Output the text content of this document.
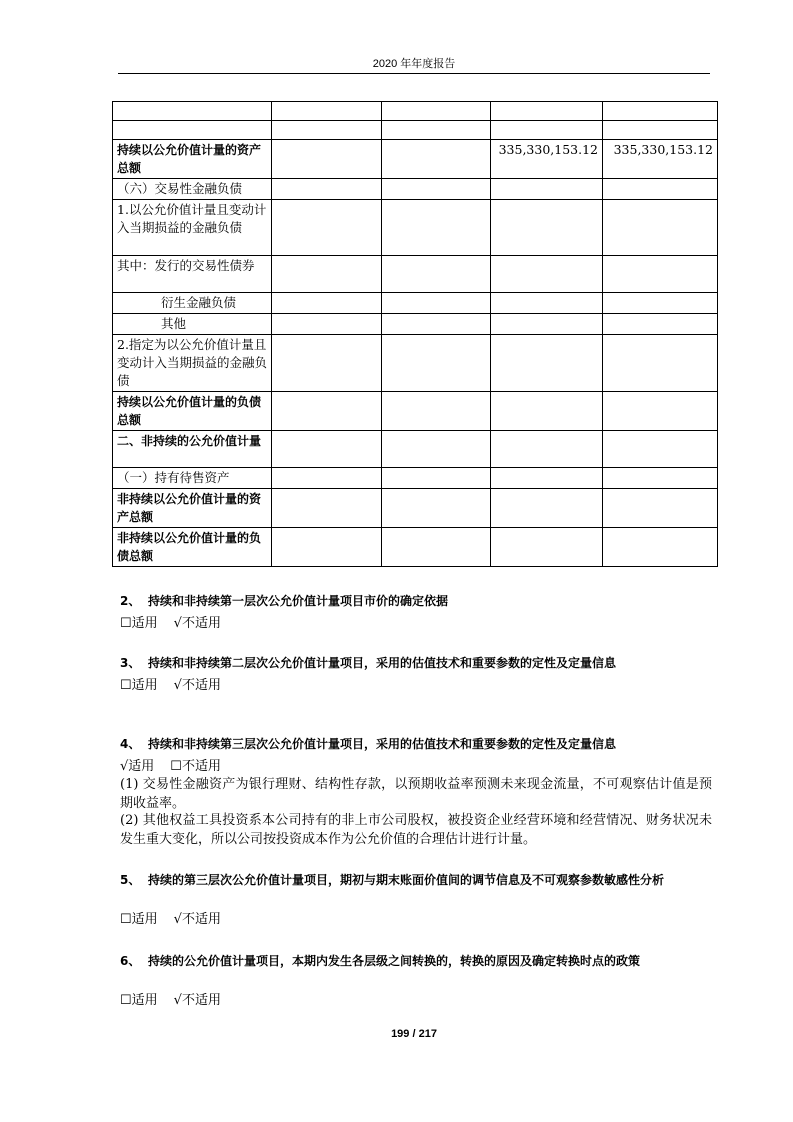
2020 年年度报告

持续以公允价值计量的资产总额			335,330,153.12	335,330,153.12
（六）交易性金融负债				
1.以公允价值计量且变动计入当期损益的金融负债				
其中：发行的交易性债券				
衍生金融负债				
其他				
2.指定为以公允价值计量且变动计入当期损益的金融负债				
持续以公允价值计量的负债总额				
二、非持续的公允价值计量				
（一）持有待售资产				
非持续以公允价值计量的资产总额				
非持续以公允价值计量的负债总额				
2、 持续和非持续第一层次公允价值计量项目市价的确定依据
☐适用 √不适用
3、 持续和非持续第二层次公允价值计量项目，采用的估值技术和重要参数的定性及定量信息
☐适用 √不适用
4、 持续和非持续第三层次公允价值计量项目，采用的估值技术和重要参数的定性及定量信息
√适用 ☐不适用
(1) 交易性金融资产为银行理财、结构性存款，以预期收益率预测未来现金流量，不可观察估计值是预期收益率。
(2) 其他权益工具投资系本公司持有的非上市公司股权，被投资企业经营环境和经营情况、财务状况未发生重大变化，所以公司按投资成本作为公允价值的合理估计进行计量。
5、 持续的第三层次公允价值计量项目，期初与期末账面价值间的调节信息及不可观察参数敏感性分析
☐适用 √不适用
6、 持续的公允价值计量项目，本期内发生各层级之间转换的，转换的原因及确定转换时点的政策
☐适用 √不适用
199 / 217
